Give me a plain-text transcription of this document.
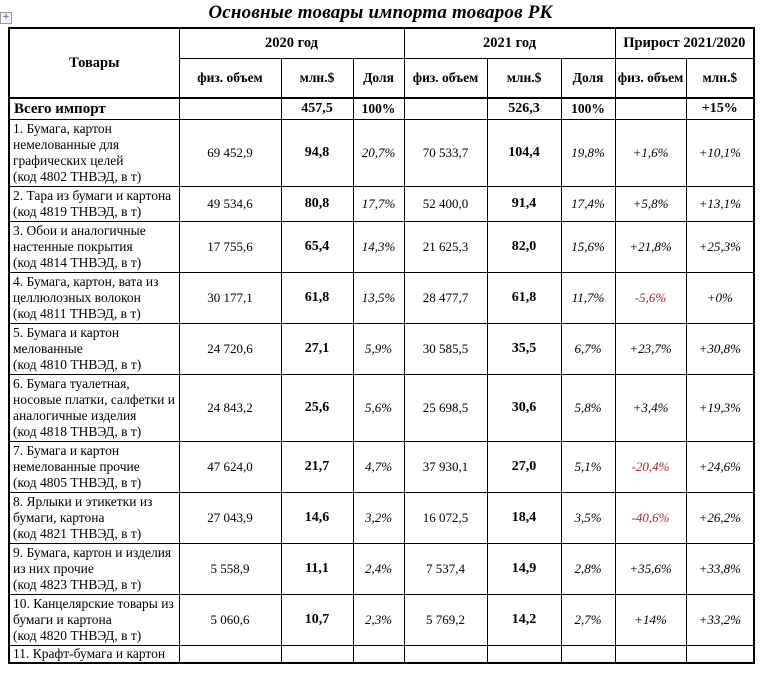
+	Основные товары импорта товаров РК
Товары	2020 год			2021 год			Прирост 2021/2020	
	физ. объем	млн.$	Доля	физ. объем	млн.$	Доля	физ. объем	млн.$
Всего импорт		457,5	100%		526,3	100%		+15%
1. Бумага, картон немелованные для графических целей
(код 4802 ТНВЭД, в т)	69 452,9	94,8	20,7%	70 533,7	104,4	19,8%	+1,6%	+10,1%
2. Тара из бумаги и картона
(код 4819 ТНВЭД, в т)	49 534,6	80,8	17,7%	52 400,0	91,4	17,4%	+5,8%	+13,1%
3. Обои и аналогичные настенные покрытия
(код 4814 ТНВЭД, в т)	17 755,6	65,4	14,3%	21 625,3	82,0	15,6%	+21,8%	+25,3%
4. Бумага, картон, вата из целлюлозных волокон
(код 4811 ТНВЭД, в т)	30 177,1	61,8	13,5%	28 477,7	61,8	11,7%	-5,6%	+0%
5. Бумага и картон мелованные
(код 4810 ТНВЭД, в т)	24 720,6	27,1	5,9%	30 585,5	35,5	6,7%	+23,7%	+30,8%
6. Бумага туалетная, носовые платки, салфетки и аналогичные изделия
(код 4818 ТНВЭД, в т)	24 843,2	25,6	5,6%	25 698,5	30,6	5,8%	+3,4%	+19,3%
7. Бумага и картон немелованные прочие
(код 4805 ТНВЭД, в т)	47 624,0	21,7	4,7%	37 930,1	27,0	5,1%	-20,4%	+24,6%
8. Ярлыки и этикетки из бумаги, картона
(код 4821 ТНВЭД, в т)	27 043,9	14,6	3,2%	16 072,5	18,4	3,5%	-40,6%	+26,2%
9. Бумага, картон и изделия из них прочие
(код 4823 ТНВЭД, в т)	5 558,9	11,1	2,4%	7 537,4	14,9	2,8%	+35,6%	+33,8%
10. Канцелярские товары из бумаги и картона
(код 4820 ТНВЭД, в т)	5 060,6	10,7	2,3%	5 769,2	14,2	2,7%	+14%	+33,2%
11. Крафт-бумага и картон
